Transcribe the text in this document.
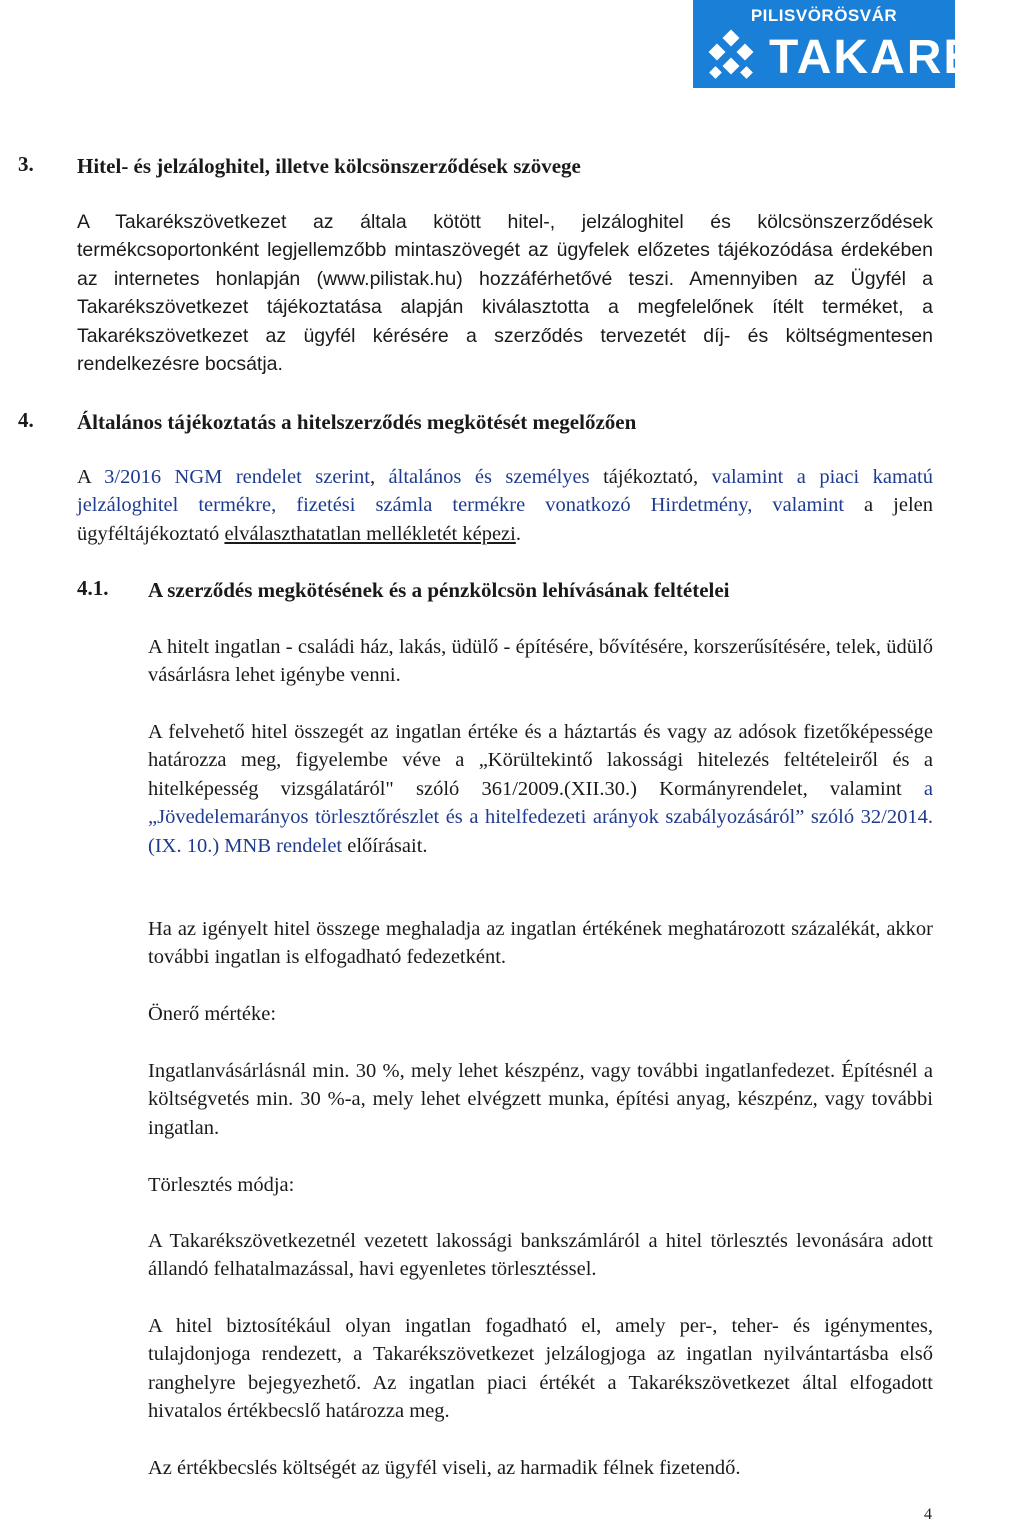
PILISVÖRÖSVÁR
TAKARÉK
3. Hitel- és jelzáloghitel, illetve kölcsönszerződések szövege
A Takarékszövetkezet az általa kötött hitel-, jelzáloghitel és kölcsönszerződések termékcsoportonként legjellemzőbb mintaszövegét az ügyfelek előzetes tájékozódása érdekében az internetes honlapján (www.pilistak.hu) hozzáférhetővé teszi. Amennyiben az Ügyfél a Takarékszövetkezet tájékoztatása alapján kiválasztotta a megfelelőnek ítélt terméket, a Takarékszövetkezet az ügyfél kérésére a szerződés tervezetét díj- és költségmentesen rendelkezésre bocsátja.
4. Általános tájékoztatás a hitelszerződés megkötését megelőzően
A 3/2016 NGM rendelet szerint, általános és személyes tájékoztató, valamint a piaci kamatú jelzáloghitel termékre, fizetési számla termékre vonatkozó Hirdetmény, valamint a jelen ügyféltájékoztató elválaszthatatlan mellékletét képezi.
4.1. A szerződés megkötésének és a pénzkölcsön lehívásának feltételei
A hitelt ingatlan - családi ház, lakás, üdülő - építésére, bővítésére, korszerűsítésére, telek, üdülő vásárlásra lehet igénybe venni.
A felvehető hitel összegét az ingatlan értéke és a háztartás és vagy az adósok fizetőképessége határozza meg, figyelembe véve a „Körültekintő lakossági hitelezés feltételeiről és a hitelképesség vizsgálatáról" szóló 361/2009.(XII.30.) Kormányrendelet, valamint a „Jövedelemarányos törlesztőrészlet és a hitelfedezeti arányok szabályozásáról” szóló 32/2014. (IX. 10.) MNB rendelet előírásait.
Ha az igényelt hitel összege meghaladja az ingatlan értékének meghatározott százalékát, akkor további ingatlan is elfogadható fedezetként.
Önerő mértéke:
Ingatlanvásárlásnál min. 30 %, mely lehet készpénz, vagy további ingatlanfedezet. Építésnél a költségvetés min. 30 %-a, mely lehet elvégzett munka, építési anyag, készpénz, vagy további ingatlan.
Törlesztés módja:
A Takarékszövetkezetnél vezetett lakossági bankszámláról a hitel törlesztés levonására adott állandó felhatalmazással, havi egyenletes törlesztéssel.
A hitel biztosítékául olyan ingatlan fogadható el, amely per-, teher- és igénymentes, tulajdonjoga rendezett, a Takarékszövetkezet jelzálogjoga az ingatlan nyilvántartásba első ranghelyre bejegyezhető. Az ingatlan piaci értékét a Takarékszövetkezet által elfogadott hivatalos értékbecslő határozza meg.
Az értékbecslés költségét az ügyfél viseli, az harmadik félnek fizetendő.
4
